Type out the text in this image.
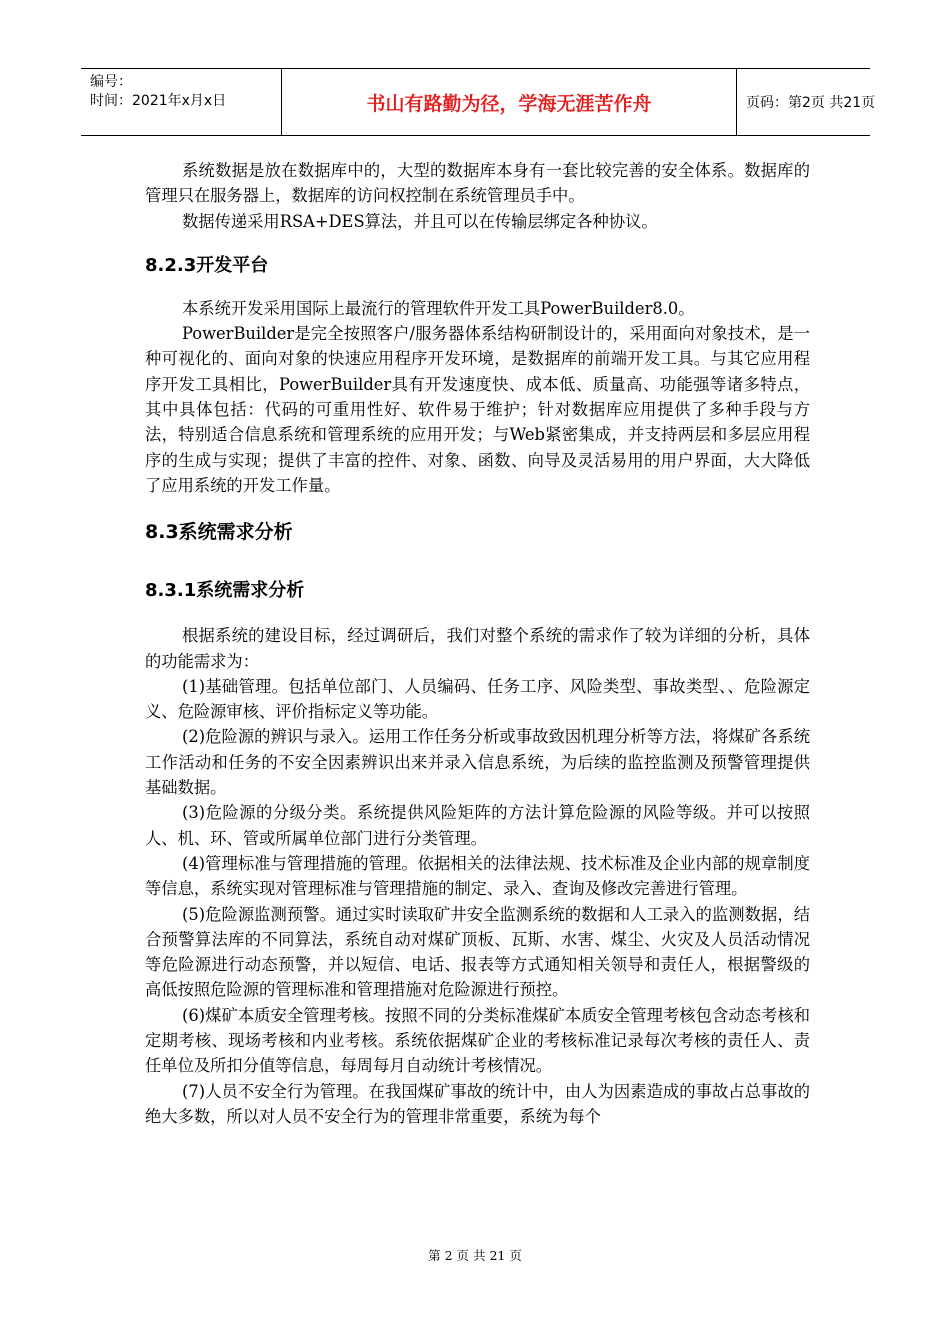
编号：
时间：2021年x月x日	书山有路勤为径，学海无涯苦作舟	页码：第2页 共21页

系统数据是放在数据库中的，大型的数据库本身有一套比较完善的安全体系。数据库的管理只在服务器上，数据库的访问权控制在系统管理员手中。

数据传递采用RSA+DES算法，并且可以在传输层绑定各种协议。

8.2.3开发平台

本系统开发采用国际上最流行的管理软件开发工具PowerBuilder8.0。

PowerBuilder是完全按照客户/服务器体系结构研制设计的，采用面向对象技术，是一种可视化的、面向对象的快速应用程序开发环境，是数据库的前端开发工具。与其它应用程序开发工具相比，PowerBuilder具有开发速度快、成本低、质量高、功能强等诸多特点，其中具体包括：代码的可重用性好、软件易于维护；针对数据库应用提供了多种手段与方法，特别适合信息系统和管理系统的应用开发；与Web紧密集成，并支持两层和多层应用程序的生成与实现；提供了丰富的控件、对象、函数、向导及灵活易用的用户界面，大大降低了应用系统的开发工作量。

8.3系统需求分析
8.3.1系统需求分析

根据系统的建设目标，经过调研后，我们对整个系统的需求作了较为详细的分析，具体的功能需求为：

(1)基础管理。包括单位部门、人员编码、任务工序、风险类型、事故类型、、危险源定义、危险源审核、评价指标定义等功能。

(2)危险源的辨识与录入。运用工作任务分析或事故致因机理分析等方法，将煤矿各系统工作活动和任务的不安全因素辨识出来并录入信息系统，为后续的监控监测及预警管理提供基础数据。

(3)危险源的分级分类。系统提供风险矩阵的方法计算危险源的风险等级。并可以按照人、机、环、管或所属单位部门进行分类管理。

(4)管理标准与管理措施的管理。依据相关的法律法规、技术标准及企业内部的规章制度等信息，系统实现对管理标准与管理措施的制定、录入、查询及修改完善进行管理。

(5)危险源监测预警。通过实时读取矿井安全监测系统的数据和人工录入的监测数据，结合预警算法库的不同算法，系统自动对煤矿顶板、瓦斯、水害、煤尘、火灾及人员活动情况等危险源进行动态预警，并以短信、电话、报表等方式通知相关领导和责任人，根据警级的高低按照危险源的管理标准和管理措施对危险源进行预控。

(6)煤矿本质安全管理考核。按照不同的分类标准煤矿本质安全管理考核包含动态考核和定期考核、现场考核和内业考核。系统依据煤矿企业的考核标准记录每次考核的责任人、责任单位及所扣分值等信息，每周每月自动统计考核情况。

(7)人员不安全行为管理。在我国煤矿事故的统计中，由人为因素造成的事故占总事故的绝大多数，所以对人员不安全行为的管理非常重要，系统为每个

第 2 页 共 21 页
